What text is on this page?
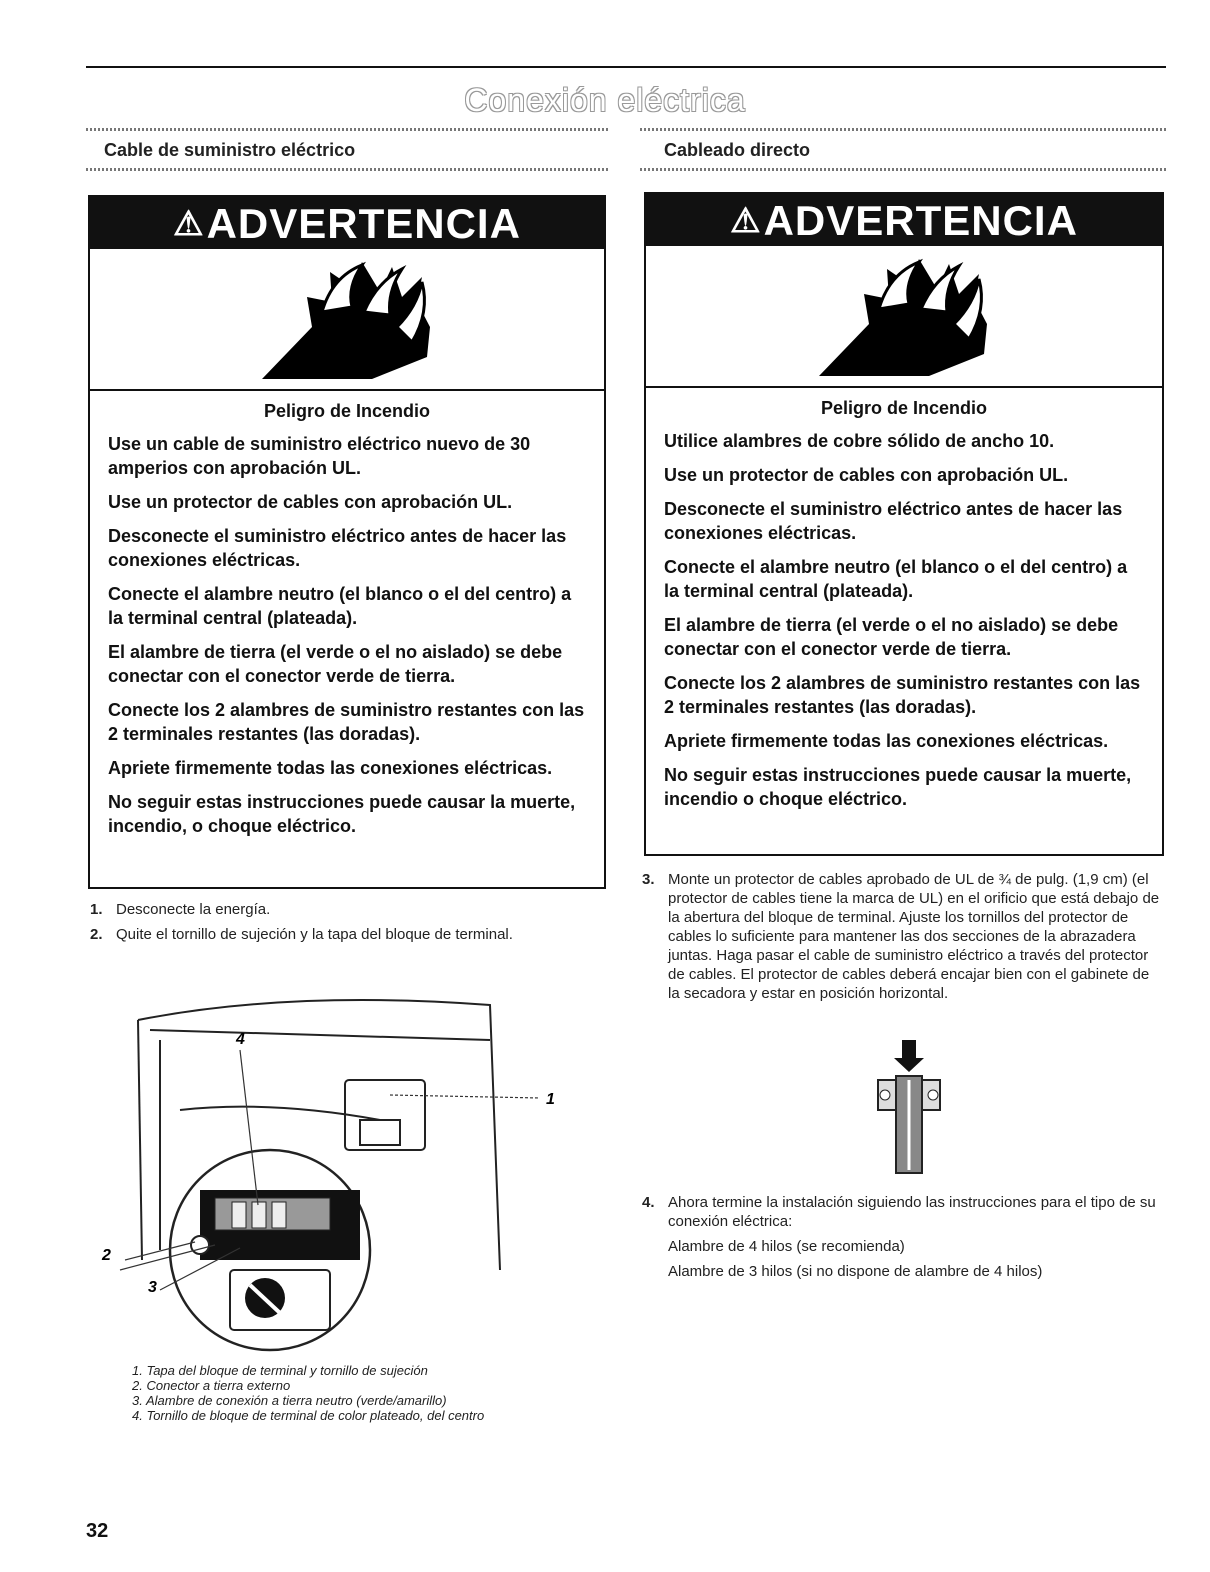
Conexión eléctrica
Cable de suministro eléctrico
⚠ADVERTENCIA
Peligro de Incendio

Use un cable de suministro eléctrico nuevo de 30 amperios con aprobación UL.

Use un protector de cables con aprobación UL.

Desconecte el suministro eléctrico antes de hacer las conexiones eléctricas.

Conecte el alambre neutro (el blanco o el del centro) a la terminal central (plateada).

El alambre de tierra (el verde o el no aislado) se debe conectar con el conector verde de tierra.

Conecte los 2 alambres de suministro restantes con las 2 terminales restantes (las doradas).

Apriete firmemente todas las conexiones eléctricas.

No seguir estas instrucciones puede causar la muerte, incendio, o choque eléctrico.

1. Desconecte la energía.
2. Quite el tornillo de sujeción y la tapa del bloque de terminal.
4
1
2
3
1. Tapa del bloque de terminal y tornillo de sujeción
2. Conector a tierra externo
3. Alambre de conexión a tierra neutro (verde/amarillo)
4. Tornillo de bloque de terminal de color plateado, del centro
Cableado directo
⚠ADVERTENCIA
Peligro de Incendio

Utilice alambres de cobre sólido de ancho 10.

Use un protector de cables con aprobación UL.

Desconecte el suministro eléctrico antes de hacer las conexiones eléctricas.

Conecte el alambre neutro (el blanco o el del centro) a la terminal central (plateada).

El alambre de tierra (el verde o el no aislado) se debe conectar con el conector verde de tierra.

Conecte los 2 alambres de suministro restantes con las 2 terminales restantes (las doradas).

Apriete firmemente todas las conexiones eléctricas.

No seguir estas instrucciones puede causar la muerte, incendio o choque eléctrico.

3. Monte un protector de cables aprobado de UL de ¾ de pulg. (1,9 cm) (el protector de cables tiene la marca de UL) en el orificio que está debajo de la abertura del bloque de terminal. Ajuste los tornillos del protector de cables lo suficiente para mantener las dos secciones de la abrazadera juntas. Haga pasar el cable de suministro eléctrico a través del protector de cables. El protector de cables deberá encajar bien con el gabinete de la secadora y estar en posición horizontal.
4. Ahora termine la instalación siguiendo las instrucciones para el tipo de su conexión eléctrica:
Alambre de 4 hilos (se recomienda)
Alambre de 3 hilos (si no dispone de alambre de 4 hilos)
32
